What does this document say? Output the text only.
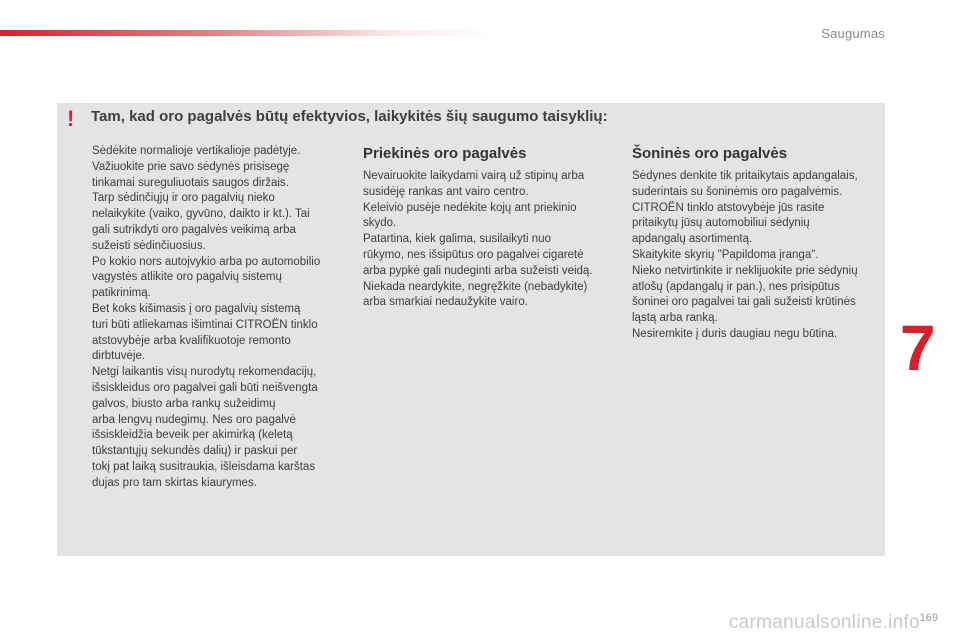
Saugumas
! Tam, kad oro pagalvės būtų efektyvios, laikykitės šių saugumo taisyklių:

Sėdėkite normalioje vertikalioje padėtyje.

Važiuokite prie savo sėdynės prisisegę

tinkamai sureguliuotais saugos diržais.

Tarp sėdinčiųjų ir oro pagalvių nieko

nelaikykite (vaiko, gyvūno, daikto ir kt.). Tai

gali sutrikdyti oro pagalvės veikimą arba

sužeisti sėdinčiuosius.

Po kokio nors autoįvykio arba po automobilio

vagystės atlikite oro pagalvių sistemų

patikrinimą.

Bet koks kišimasis į oro pagalvių sistemą

turi būti atliekamas išimtinai CITROËN tinklo

atstovybėje arba kvalifikuotoje remonto

dirbtuvėje.

Netgi laikantis visų nurodytų rekomendacijų,

išsiskleidus oro pagalvei gali būti neišvengta

galvos, biusto arba rankų sužeidimų

arba lengvų nudegimų. Nes oro pagalvė

išsiskleidžia beveik per akimirką (keletą

tūkstantųjų sekundės dalių) ir paskui per

tokį pat laiką susitraukia, išleisdama karštas

dujas pro tam skirtas kiaurymes.

Priekinės oro pagalvės

Nevairuokite laikydami vairą už stipinų arba

susidėję rankas ant vairo centro.

Keleivio pusėje nedėkite kojų ant priekinio

skydo.

Patartina, kiek galima, susilaikyti nuo

rūkymo, nes išsipūtus oro pagalvei cigaretė

arba pypkė gali nudeginti arba sužeisti veidą.

Niekada neardykite, negręžkite (nebadykite)

arba smarkiai nedaužykite vairo.

Šoninės oro pagalvės

Sėdynes denkite tik pritaikytais apdangalais,

suderintais su šoninėmis oro pagalvėmis.

CITROËN tinklo atstovybėje jūs rasite

pritaikytų jūsų automobiliui sėdynių

apdangalų asortimentą.

Skaitykite skyrių "Papildoma įranga".

Nieko netvirtinkite ir neklijuokite prie sėdynių

atlošų (apdangalų ir pan.), nes prisipūtus

šoninei oro pagalvei tai gali sužeisti krūtinės

ląstą arba ranką.

Nesiremkite į duris daugiau negu būtina. 7
169
carmanualsonline.info
